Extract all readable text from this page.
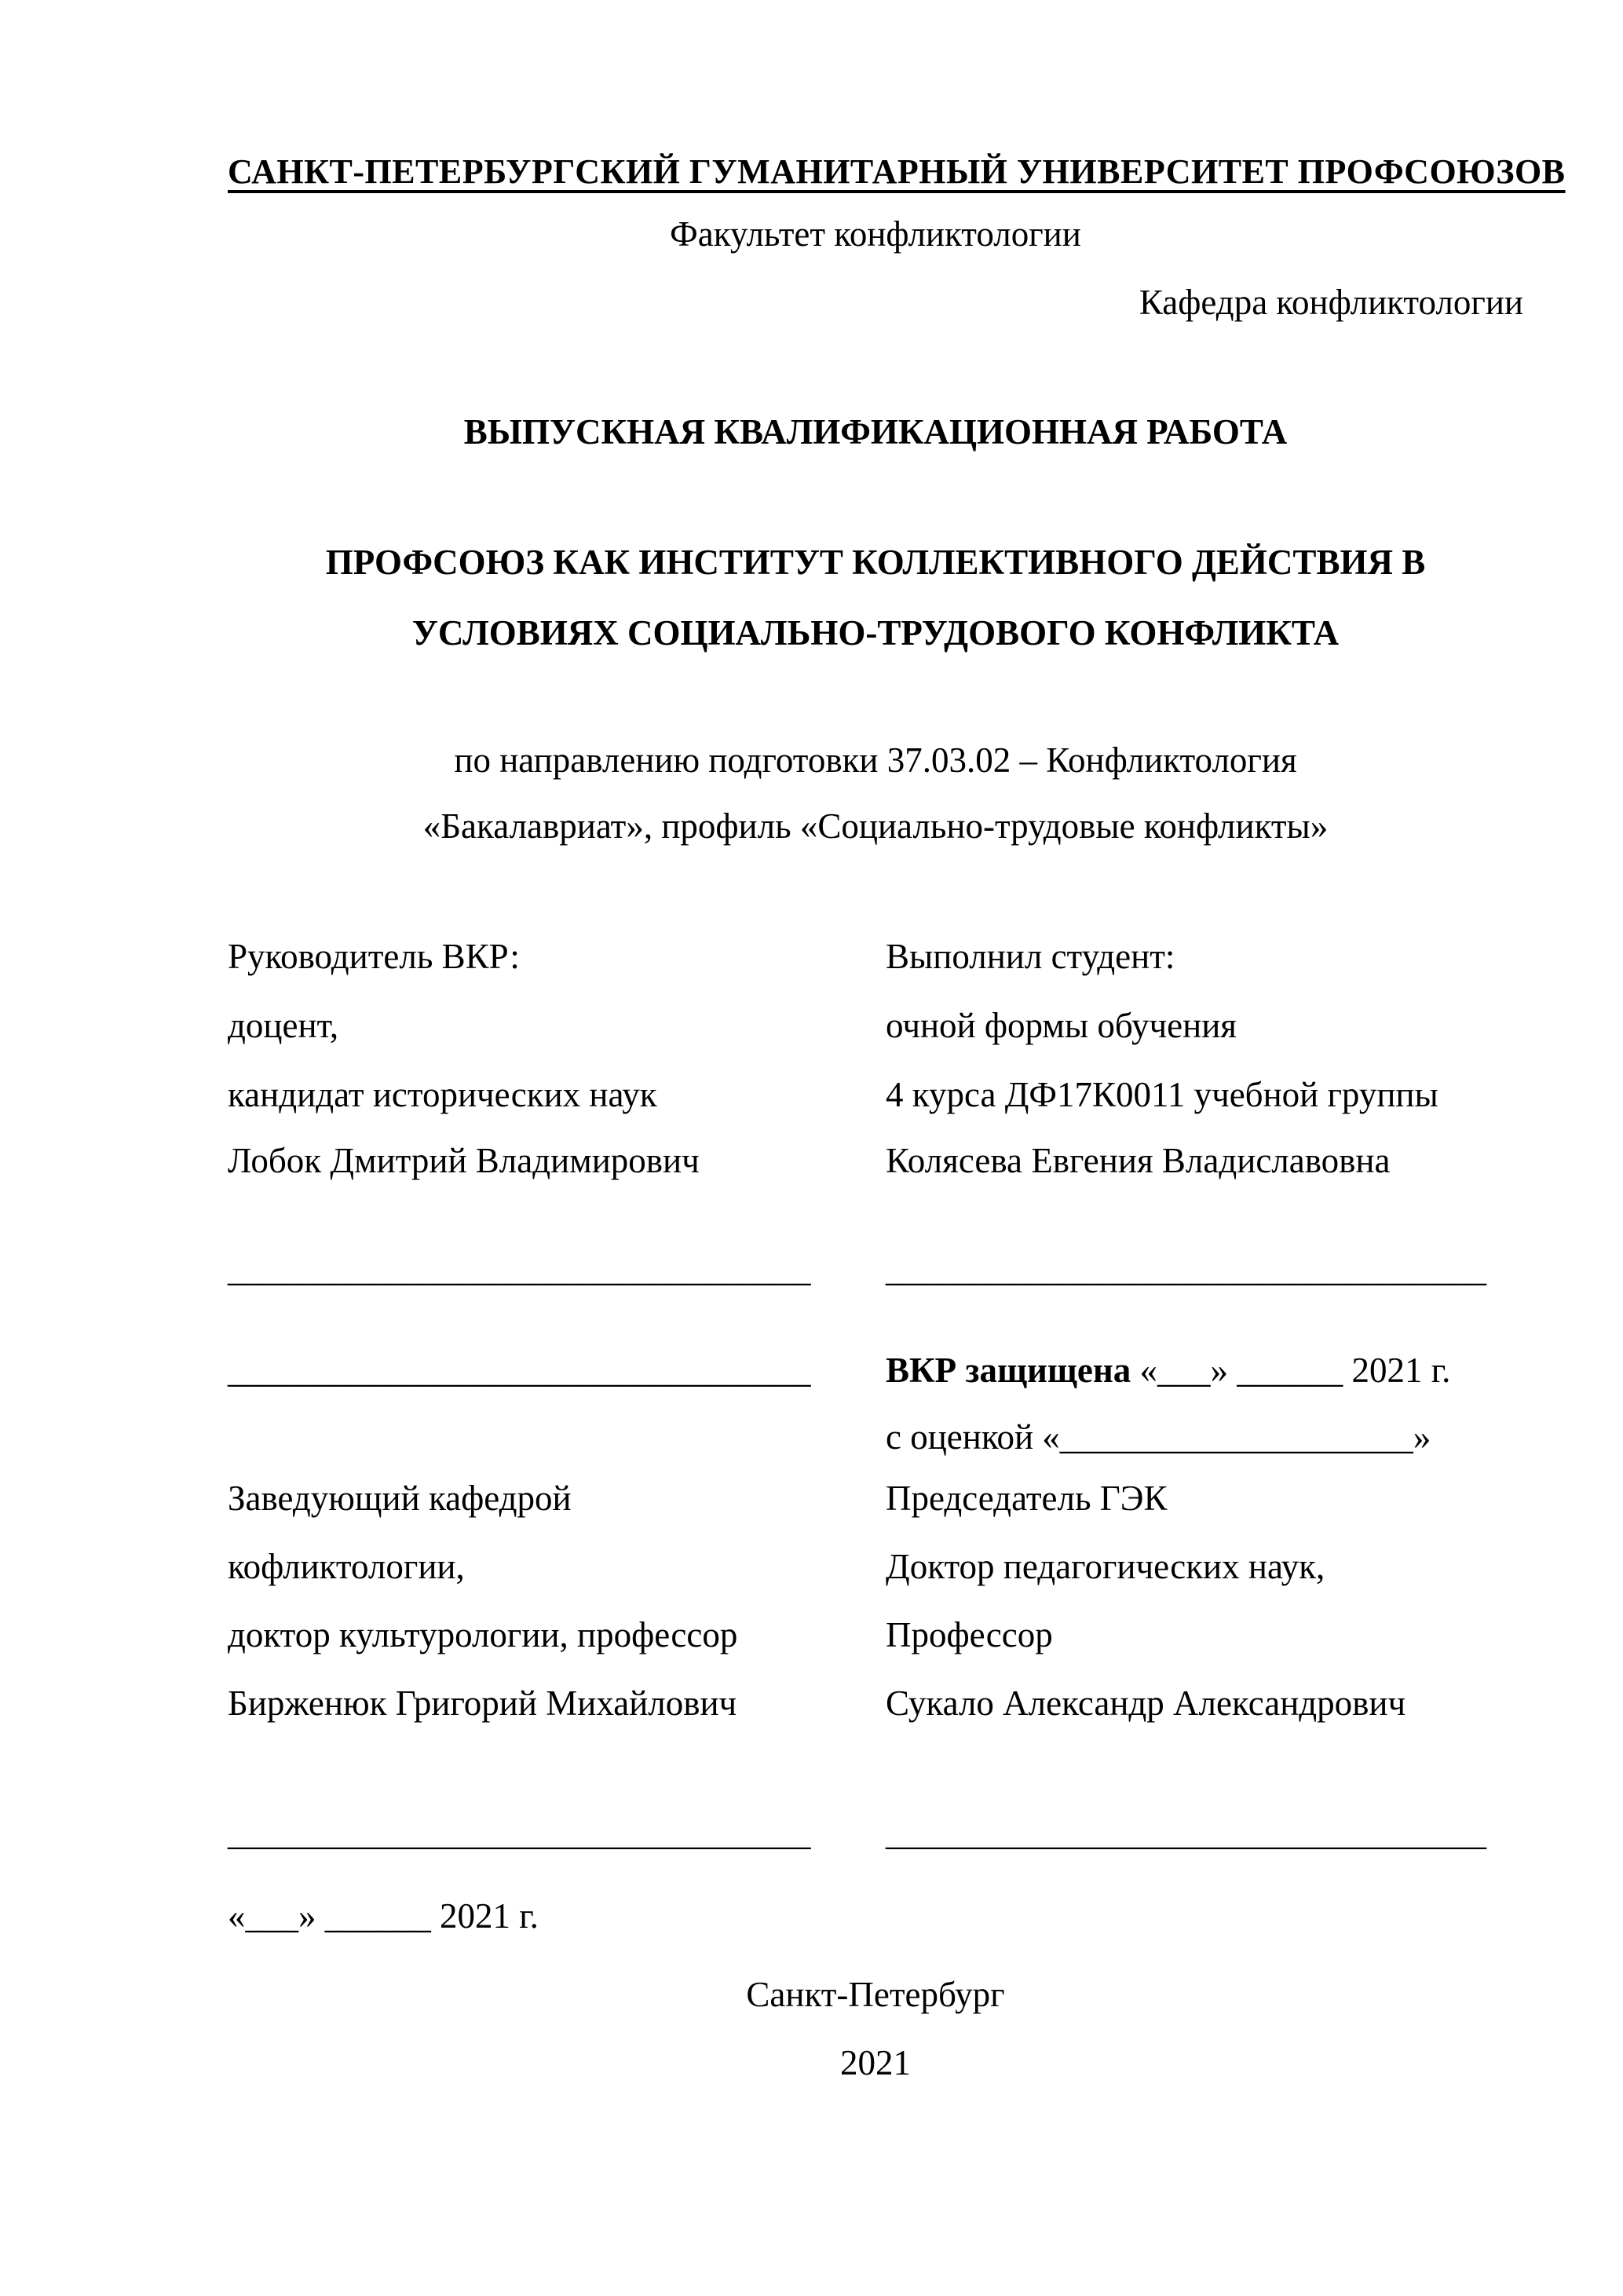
САНКТ-ПЕТЕРБУРГСКИЙ ГУМАНИТАРНЫЙ УНИВЕРСИТЕТ ПРОФСОЮЗОВ
Факультет конфликтологии
Кафедра конфликтологии
ВЫПУСКНАЯ КВАЛИФИКАЦИОННАЯ РАБОТА
ПРОФСОЮЗ КАК ИНСТИТУТ КОЛЛЕКТИВНОГО ДЕЙСТВИЯ В
УСЛОВИЯХ СОЦИАЛЬНО-ТРУДОВОГО КОНФЛИКТА
по направлению подготовки 37.03.02 – Конфликтология
«Бакалавриат», профиль «Социально-трудовые конфликты»
Руководитель ВКР:	Выполнил студент:
доцент,	очной формы обучения
кандидат исторических наук	4 курса ДФ17К0011 учебной группы
Лобок Дмитрий Владимирович	Колясева Евгения Владиславовна
_________________________________ __________________________________
_________________________________ ВКР защищена «___» ______ 2021 г.
с оценкой «____________________»
Заведующий кафедрой	Председатель ГЭК
кофликтологии,	Доктор педагогических наук,
доктор культурологии, профессор	Профессор
Бирженюк Григорий Михайлович	Сукало Александр Александрович
_________________________________ __________________________________
«___» ______ 2021 г.
Санкт-Петербург
2021
